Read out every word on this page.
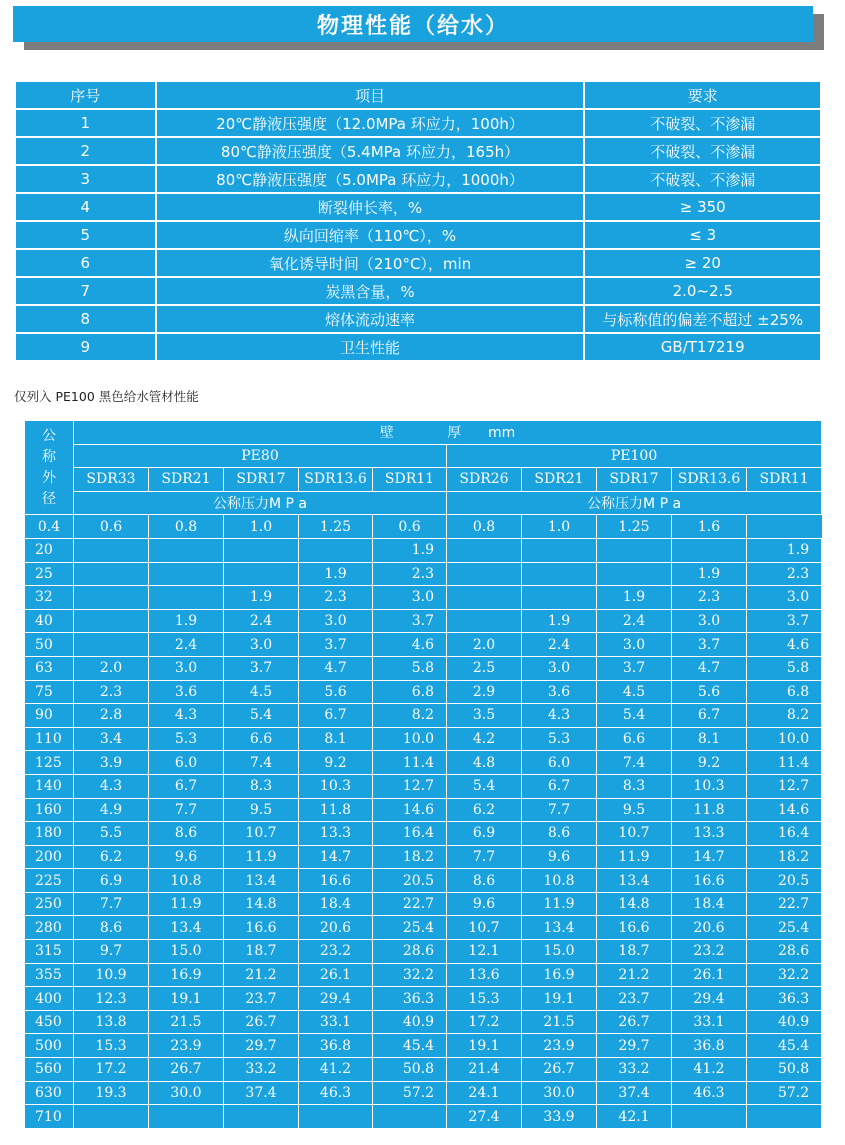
物理性能（给水）
序号	项目	要求
1	20℃静液压强度（12.0MPa 环应力，100h）	不破裂、不渗漏
2	80℃静液压强度（5.4MPa 环应力，165h）	不破裂、不渗漏
3	80℃静液压强度（5.0MPa 环应力，1000h）	不破裂、不渗漏
4	断裂伸长率，%	≥ 350
5	纵向回缩率（110℃），%	≤ 3
6	氧化诱导时间（210°C），min	≥ 20
7	炭黑含量，%	2.0~2.5
8	熔体流动速率	与标称值的偏差不超过 ±25%
9	卫生性能	GB/T17219
仅列入 PE100 黑色给水管材性能
公
称
外
径	壁            厚      mm									
	PE80					PE100				
	SDR33	SDR21	SDR17	SDR13.6	SDR11	SDR26	SDR21	SDR17	SDR13.6	SDR11
	公称压力M P a					公称压力M P a				
0.4	0.6	0.8	1.0	1.25	0.6	0.8	1.0	1.25	1.6	
20					1.9					1.9
25				1.9	2.3				1.9	2.3
32			1.9	2.3	3.0			1.9	2.3	3.0
40		1.9	2.4	3.0	3.7		1.9	2.4	3.0	3.7
50		2.4	3.0	3.7	4.6	2.0	2.4	3.0	3.7	4.6
63	2.0	3.0	3.7	4.7	5.8	2.5	3.0	3.7	4.7	5.8
75	2.3	3.6	4.5	5.6	6.8	2.9	3.6	4.5	5.6	6.8
90	2.8	4.3	5.4	6.7	8.2	3.5	4.3	5.4	6.7	8.2
110	3.4	5.3	6.6	8.1	10.0	4.2	5.3	6.6	8.1	10.0
125	3.9	6.0	7.4	9.2	11.4	4.8	6.0	7.4	9.2	11.4
140	4.3	6.7	8.3	10.3	12.7	5.4	6.7	8.3	10.3	12.7
160	4.9	7.7	9.5	11.8	14.6	6.2	7.7	9.5	11.8	14.6
180	5.5	8.6	10.7	13.3	16.4	6.9	8.6	10.7	13.3	16.4
200	6.2	9.6	11.9	14.7	18.2	7.7	9.6	11.9	14.7	18.2
225	6.9	10.8	13.4	16.6	20.5	8.6	10.8	13.4	16.6	20.5
250	7.7	11.9	14.8	18.4	22.7	9.6	11.9	14.8	18.4	22.7
280	8.6	13.4	16.6	20.6	25.4	10.7	13.4	16.6	20.6	25.4
315	9.7	15.0	18.7	23.2	28.6	12.1	15.0	18.7	23.2	28.6
355	10.9	16.9	21.2	26.1	32.2	13.6	16.9	21.2	26.1	32.2
400	12.3	19.1	23.7	29.4	36.3	15.3	19.1	23.7	29.4	36.3
450	13.8	21.5	26.7	33.1	40.9	17.2	21.5	26.7	33.1	40.9
500	15.3	23.9	29.7	36.8	45.4	19.1	23.9	29.7	36.8	45.4
560	17.2	26.7	33.2	41.2	50.8	21.4	26.7	33.2	41.2	50.8
630	19.3	30.0	37.4	46.3	57.2	24.1	30.0	37.4	46.3	57.2
710						27.4	33.9	42.1		
